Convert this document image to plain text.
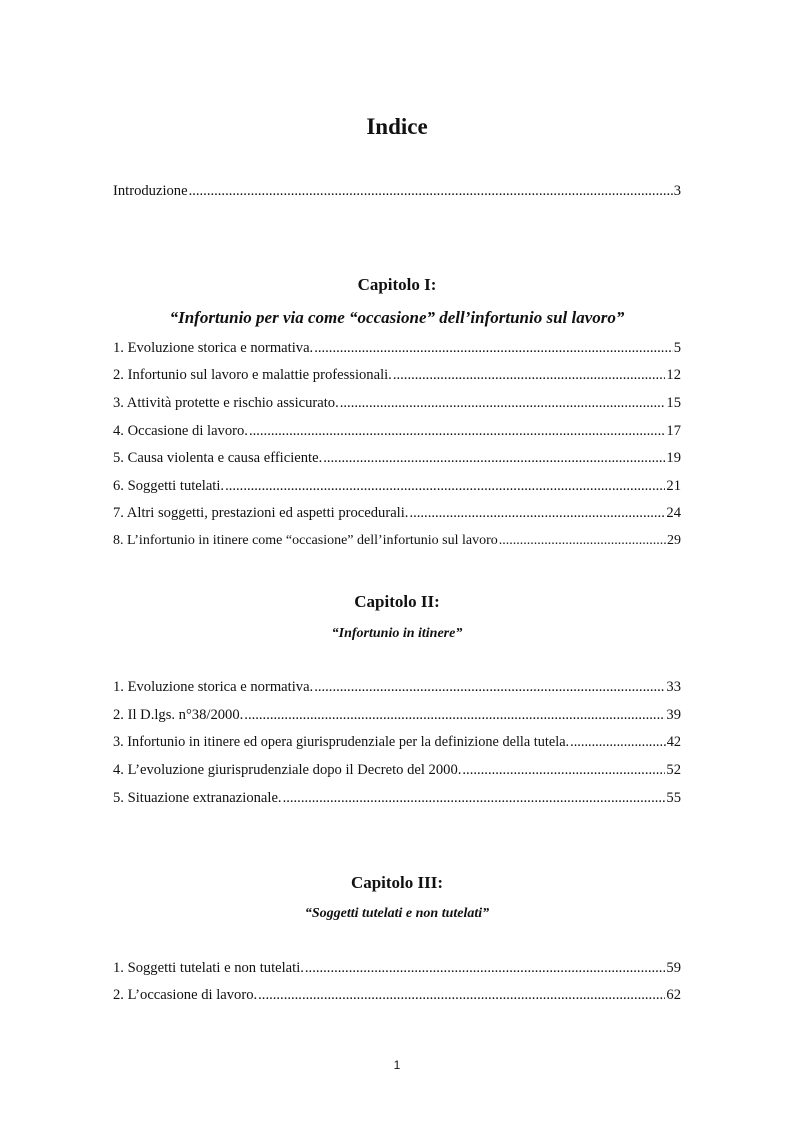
Indice
Introduzione .....	3
Capitolo I:
“Infortunio per via come “occasione” dell’infortunio sul lavoro”
1. Evoluzione storica e normativa. .....	5
2. Infortunio sul lavoro e malattie professionali. .....	12
3. Attività protette e rischio assicurato. .....	15
4. Occasione di lavoro. .....	17
5. Causa violenta e causa efficiente. .....	19
6. Soggetti tutelati. .....	21
7. Altri soggetti, prestazioni ed aspetti procedurali. .....	24
8. L’infortunio in itinere come “occasione” dell’infortunio sul lavoro .....	29
Capitolo II:
“Infortunio in itinere”
1. Evoluzione storica e normativa. .....	33
2. Il D.lgs. n°38/2000. .....	39
3. Infortunio in itinere ed opera giurisprudenziale per la definizione della tutela. .....	42
4. L’evoluzione giurisprudenziale dopo il Decreto del 2000. .....	52
5. Situazione extranazionale. .....	55
Capitolo III:
“Soggetti tutelati e non tutelati”
1. Soggetti tutelati e non tutelati. .....	59
2. L’occasione di lavoro. .....	62
1
